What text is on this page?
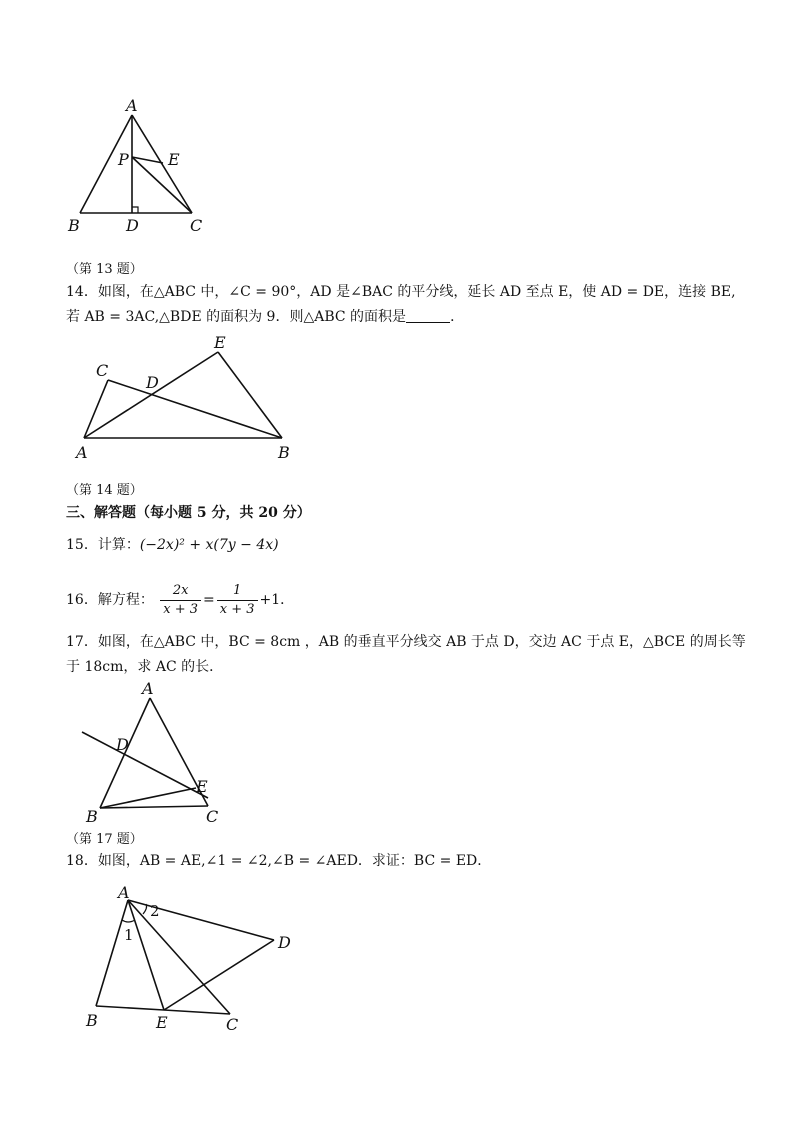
A
P E
B	D	C
（第 13 题）
14．如图，在△ABC 中，∠C = 90°，AD 是∠BAC 的平分线，延长 AD 至点 E，使 AD = DE，连接 BE,
若 AB = 3AC,△BDE 的面积为 9．则△ABC 的面积是	．
C
D
E
A	B
（第 14 题）
三、解答题（每小题 5 分，共 20 分）
15．计算：(−2x)² + x(7y − 4x)
16．解方程： $\frac{2x}{x + 3} = \frac{1}{x + 3} +1$．
17．如图，在△ABC 中，BC = 8cm ，AB 的垂直平分线交 AB 于点 D，交边 AC 于点 E，△BCE 的周长等
于 18cm，求 AC 的长．
A
D
E
B	C
（第 17 题）
18．如图，AB = AE,∠1 = ∠2,∠B = ∠AED．求证：BC = ED．
A
1
2
D
B	E	C
